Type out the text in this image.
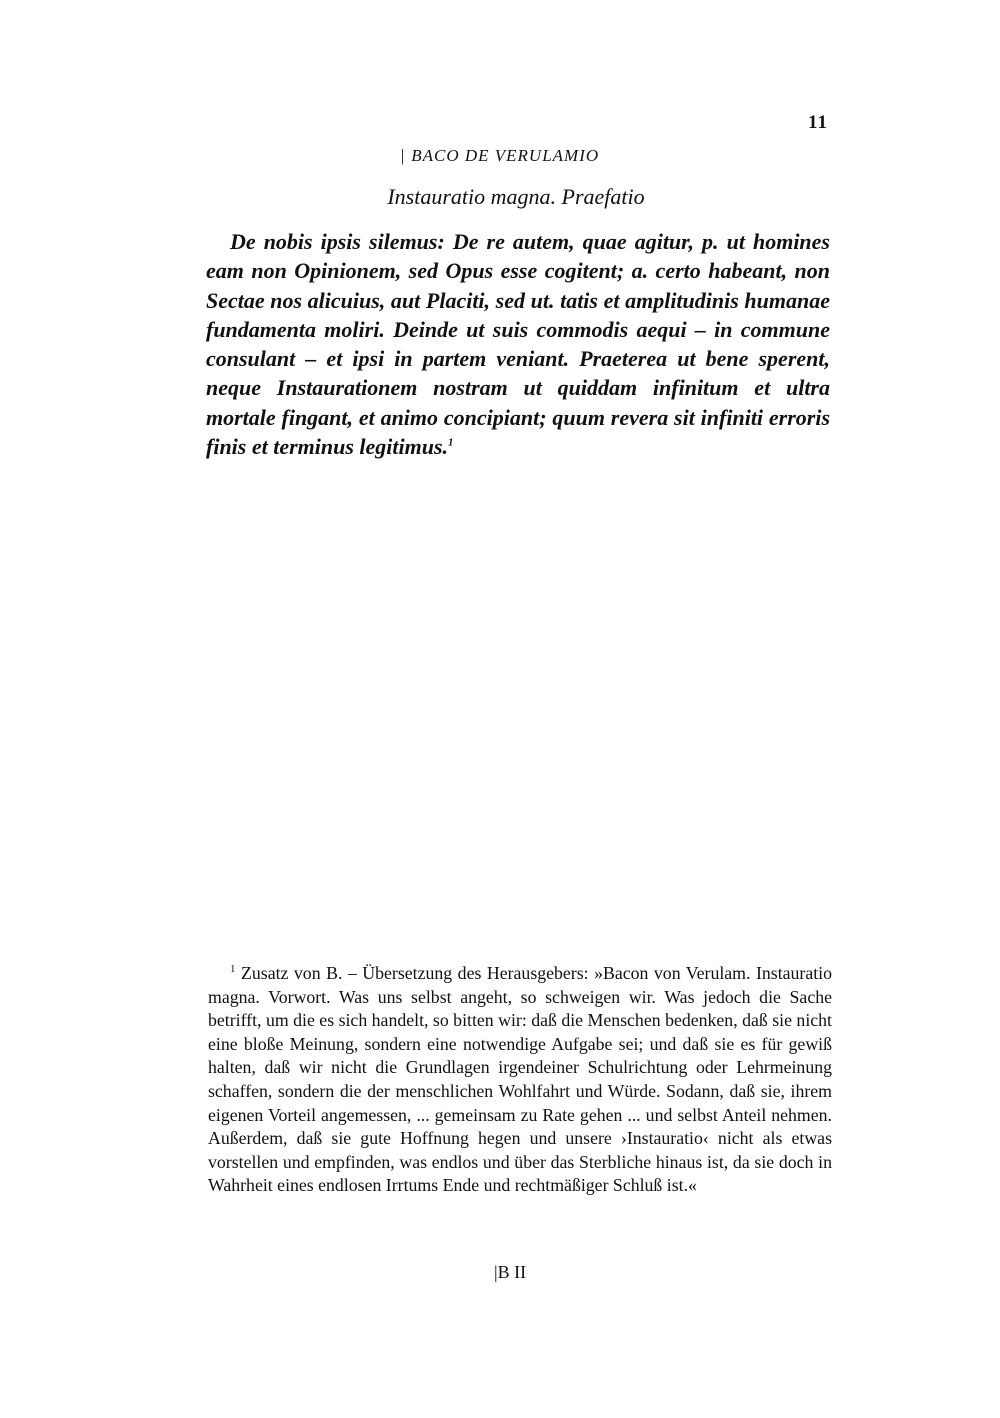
11
| BACO DE VERULAMIO
Instauratio magna. Praefatio

De nobis ipsis silemus: De re autem, quae agitur, p. ut homines eam non Opinionem, sed Opus esse cogitent; a. certo habeant, non Sectae nos alicuius, aut Placiti, sed ut. tatis et amplitudinis humanae fundamenta moliri. Deinde ut suis commodis aequi – in commune consulant – et ipsi in partem veniant. Praeterea ut bene sperent, neque Instaurationem nostram ut quiddam infinitum et ultra mortale fingant, et animo concipiant; quum revera sit infiniti erroris finis et terminus legitimus.$^1$

$^1$ Zusatz von B. – Übersetzung des Herausgebers: »Bacon von Verulam. Instauratio magna. Vorwort. Was uns selbst angeht, so schweigen wir. Was jedoch die Sache betrifft, um die es sich handelt, so bitten wir: daß die Menschen bedenken, daß sie nicht eine bloße Meinung, sondern eine notwendige Aufgabe sei; und daß sie es für gewiß halten, daß wir nicht die Grundlagen irgendeiner Schulrichtung oder Lehrmeinung schaffen, sondern die der menschlichen Wohlfahrt und Würde. Sodann, daß sie, ihrem eigenen Vorteil angemessen, ... gemeinsam zu Rate gehen ... und selbst Anteil nehmen. Außerdem, daß sie gute Hoffnung hegen und unsere ›Instauratio‹ nicht als etwas vorstellen und empfinden, was endlos und über das Sterbliche hinaus ist, da sie doch in Wahrheit eines endlosen Irrtums Ende und rechtmäßiger Schluß ist.«

|B II
